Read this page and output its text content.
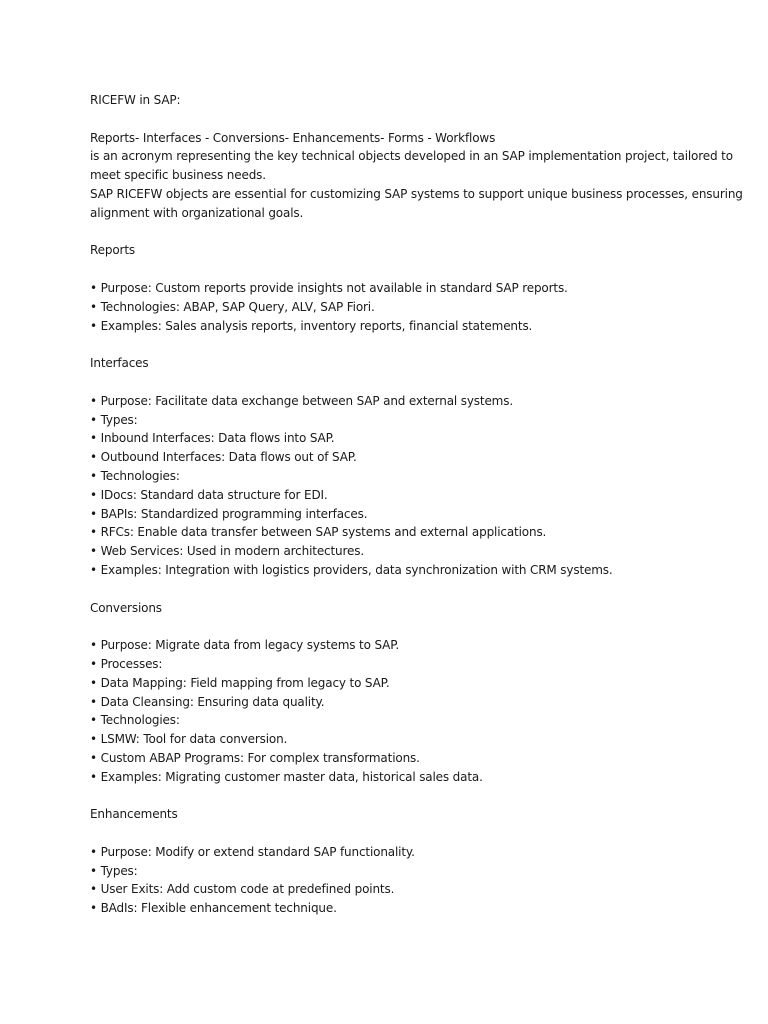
RICEFW in SAP:
Reports- Interfaces - Conversions- Enhancements- Forms - Workflows
is an acronym representing the key technical objects developed in an SAP implementation project, tailored to
meet specific business needs.
SAP RICEFW objects are essential for customizing SAP systems to support unique business processes, ensuring
alignment with organizational goals.
Reports
• Purpose: Custom reports provide insights not available in standard SAP reports.
• Technologies: ABAP, SAP Query, ALV, SAP Fiori.
• Examples: Sales analysis reports, inventory reports, financial statements.
Interfaces
• Purpose: Facilitate data exchange between SAP and external systems.
• Types:
• Inbound Interfaces: Data flows into SAP.
• Outbound Interfaces: Data flows out of SAP.
• Technologies:
• IDocs: Standard data structure for EDI.
• BAPIs: Standardized programming interfaces.
• RFCs: Enable data transfer between SAP systems and external applications.
• Web Services: Used in modern architectures.
• Examples: Integration with logistics providers, data synchronization with CRM systems.
Conversions
• Purpose: Migrate data from legacy systems to SAP.
• Processes:
• Data Mapping: Field mapping from legacy to SAP.
• Data Cleansing: Ensuring data quality.
• Technologies:
• LSMW: Tool for data conversion.
• Custom ABAP Programs: For complex transformations.
• Examples: Migrating customer master data, historical sales data.
Enhancements
• Purpose: Modify or extend standard SAP functionality.
• Types:
• User Exits: Add custom code at predefined points.
• BAdIs: Flexible enhancement technique.
